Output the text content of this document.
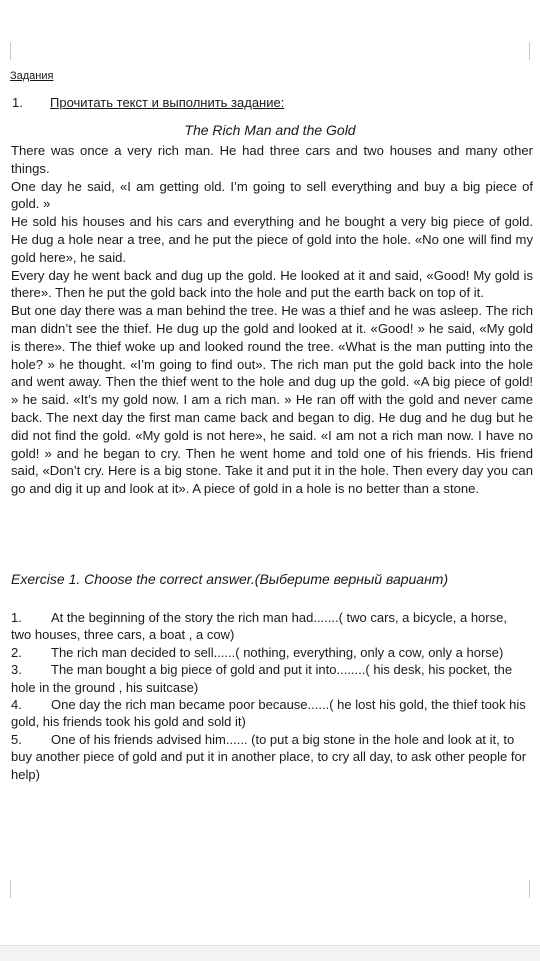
Задания
1. Прочитать текст и выполнить задание:
The Rich Man and the Gold

There was once a very rich man. He had three cars and two houses and many other things.

One day he said, «I am getting old. I’m going to sell everything and buy a big piece of gold. »

He sold his houses and his cars and everything and he bought a very big piece of gold. He dug a hole near a tree, and he put the piece of gold into the hole. «No one will find my gold here», he said.

Every day he went back and dug up the gold. He looked at it and said, «Good! My gold is there». Then he put the gold back into the hole and put the earth back on top of it.

But one day there was a man behind the tree. He was a thief and he was asleep. The rich man didn’t see the thief. He dug up the gold and looked at it. «Good! » he said, «My gold is there». The thief woke up and looked round the tree. «What is the man putting into the hole? » he thought. «I’m going to find out». The rich man put the gold back into the hole and went away. Then the thief went to the hole and dug up the gold. «A big piece of gold! » he said. «It’s my gold now. I am a rich man. » He ran off with the gold and never came back. The next day the first man came back and began to dig. He dug and he dug but he did not find the gold. «My gold is not here», he said. «I am not a rich man now. I have no gold! » and he began to cry. Then he went home and told one of his friends. His friend said, «Don’t cry. Here is a big stone. Take it and put it in the hole. Then every day you can go and dig it up and look at it». A piece of gold in a hole is no better than a stone.

Exercise 1. Choose the correct answer.(Выберите верный вариант)

1. At the beginning of the story the rich man had.......( two cars, a bicycle, a horse, two houses, three cars, a boat , a cow)

2. The rich man decided to sell......( nothing, everything, only a cow, only a horse)

3. The man bought a big piece of gold and put it into........( his desk, his pocket, the hole in the ground , his suitcase)

4. One day the rich man became poor because......( he lost his gold, the thief took his gold, his friends took his gold and sold it)

5. One of his friends advised him...... (to put a big stone in the hole and look at it, to buy another piece of gold and put it in another place, to cry all day, to ask other people for help)
